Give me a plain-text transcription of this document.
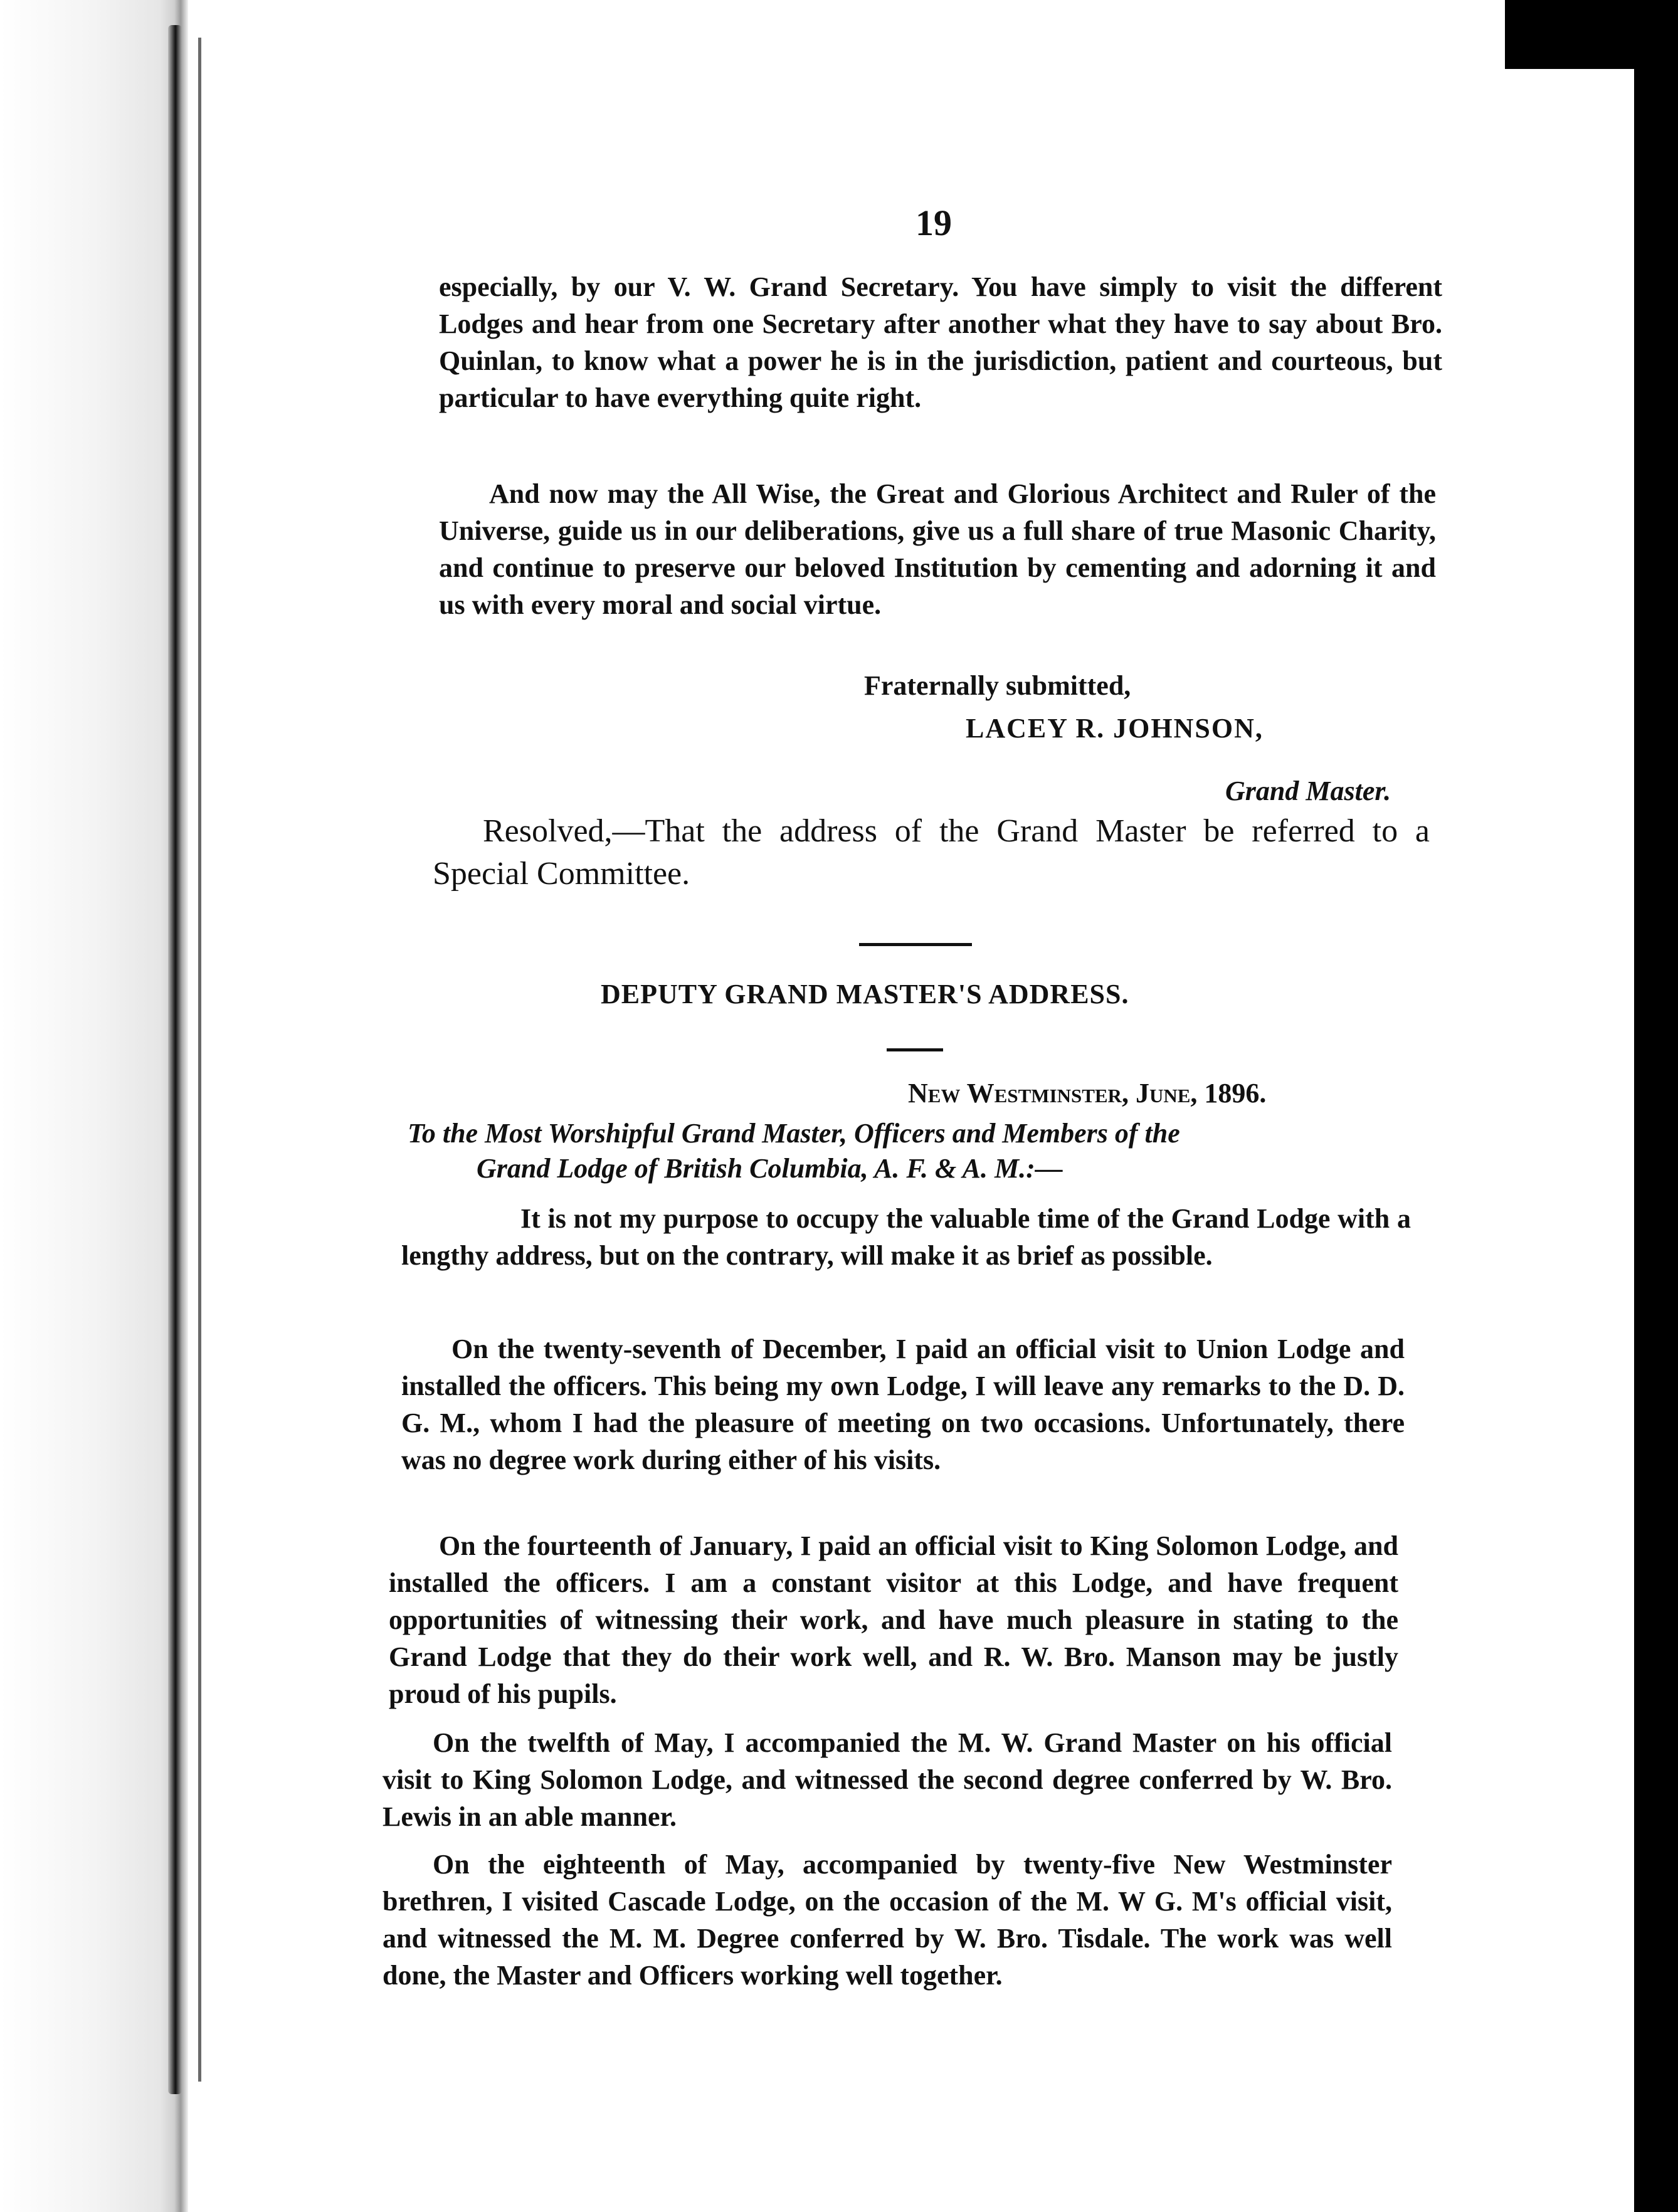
19
especially, by our V. W. Grand Secretary. You have simply to visit the different Lodges and hear from one Secretary after another what they have to say about Bro. Quinlan, to know what a power he is in the jurisdiction, patient and courteous, but particular to have everything quite right.
And now may the All Wise, the Great and Glorious Architect and Ruler of the Universe, guide us in our deliberations, give us a full share of true Masonic Charity, and continue to preserve our beloved Institution by cementing and adorning it and us with every moral and social virtue.
Fraternally submitted,
LACEY R. JOHNSON,
Grand Master.
Resolved,—That the address of the Grand Master be referred to a Special Committee.
DEPUTY GRAND MASTER'S ADDRESS.
New Westminster, June, 1896.
To the Most Worshipful Grand Master, Officers and Members of the
Grand Lodge of British Columbia, A. F. & A. M.:—
It is not my purpose to occupy the valuable time of the Grand Lodge with a lengthy address, but on the contrary, will make it as brief as possible.
On the twenty-seventh of December, I paid an official visit to Union Lodge and installed the officers. This being my own Lodge, I will leave any remarks to the D. D. G. M., whom I had the pleasure of meeting on two occasions. Unfortunately, there was no degree work during either of his visits.
On the fourteenth of January, I paid an official visit to King Solomon Lodge, and installed the officers. I am a constant visitor at this Lodge, and have frequent opportunities of witnessing their work, and have much pleasure in stating to the Grand Lodge that they do their work well, and R. W. Bro. Manson may be justly proud of his pupils.
On the twelfth of May, I accompanied the M. W. Grand Master on his official visit to King Solomon Lodge, and witnessed the second degree conferred by W. Bro. Lewis in an able manner.
On the eighteenth of May, accompanied by twenty-five New Westminster brethren, I visited Cascade Lodge, on the occasion of the M. W G. M's official visit, and witnessed the M. M. Degree conferred by W. Bro. Tisdale. The work was well done, the Master and Officers working well together.
